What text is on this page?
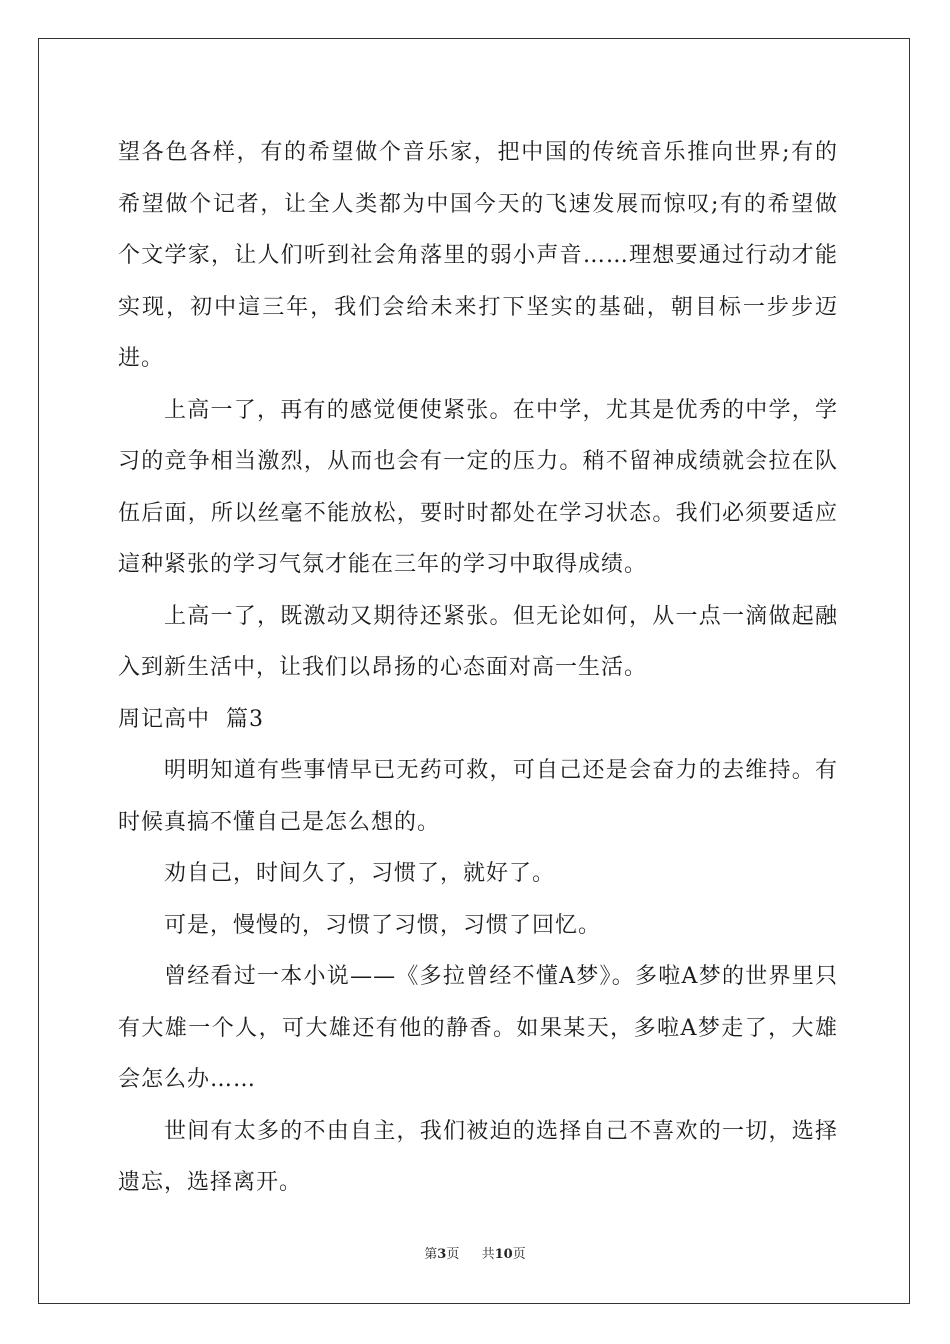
望各色各样，有的希望做个音乐家，把中国的传统音乐推向世界;有的希望做个记者，让全人类都为中国今天的飞速发展而惊叹;有的希望做个文学家，让人们听到社会角落里的弱小声音……理想要通过行动才能实现，初中這三年，我们会给未来打下坚实的基础，朝目标一步步迈进。

上高一了，再有的感觉便使紧张。在中学，尤其是优秀的中学，学习的竞争相当激烈，从而也会有一定的压力。稍不留神成绩就会拉在队伍后面，所以丝毫不能放松，要时时都处在学习状态。我们必须要适应這种紧张的学习气氛才能在三年的学习中取得成绩。

上高一了，既激动又期待还紧张。但无论如何，从一点一滴做起融入到新生活中，让我们以昂扬的心态面对高一生活。

周记高中  篇3

明明知道有些事情早已无药可救，可自己还是会奋力的去维持。有时候真搞不懂自己是怎么想的。

劝自己，时间久了，习惯了，就好了。

可是，慢慢的，习惯了习惯，习惯了回忆。

曾经看过一本小说——《多拉曾经不懂A梦》。多啦A梦的世界里只有大雄一个人，可大雄还有他的静香。如果某天，多啦A梦走了，大雄会怎么办……

世间有太多的不由自主，我们被迫的选择自己不喜欢的一切，选择遗忘，选择离开。

第3页 共10页
